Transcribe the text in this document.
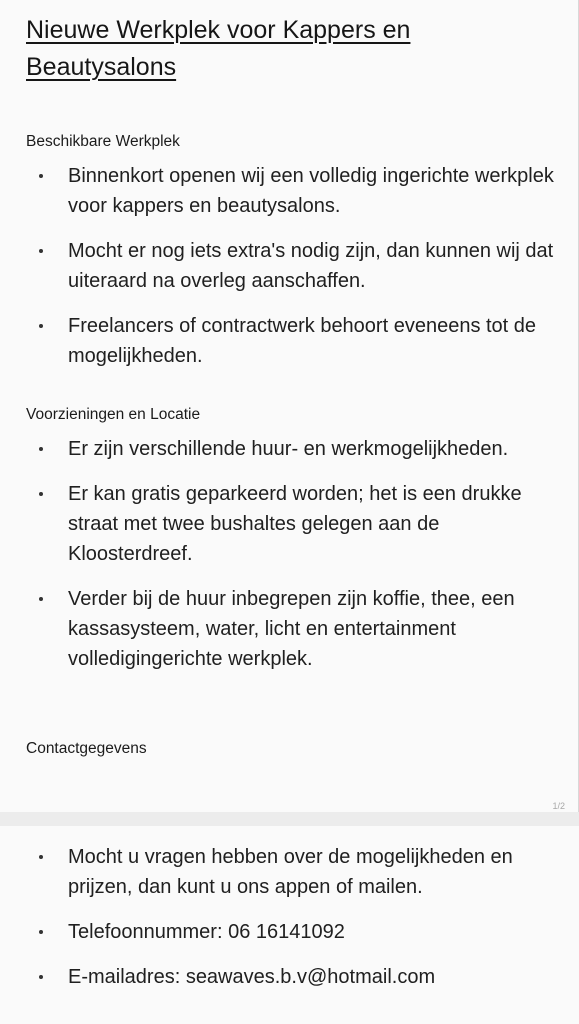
Nieuwe Werkplek voor Kappers en Beautysalons
Beschikbare Werkplek
Binnenkort openen wij een volledig ingerichte werkplek voor kappers en beautysalons.
Mocht er nog iets extra's nodig zijn, dan kunnen wij dat uiteraard na overleg aanschaffen.
Freelancers of contractwerk behoort eveneens tot de mogelijkheden.
Voorzieningen en Locatie
Er zijn verschillende huur- en werkmogelijkheden.
Er kan gratis geparkeerd worden; het is een drukke straat met twee bushaltes gelegen aan de Kloosterdreef.
Verder bij de huur inbegrepen zijn koffie, thee, een kassasysteem, water, licht en entertainment volledigingerichte werkplek.
Contactgegevens
1/2
Mocht u vragen hebben over de mogelijkheden en prijzen, dan kunt u ons appen of mailen.
Telefoonnummer: 06 16141092
E-mailadres: seawaves.b.v@hotmail.com
